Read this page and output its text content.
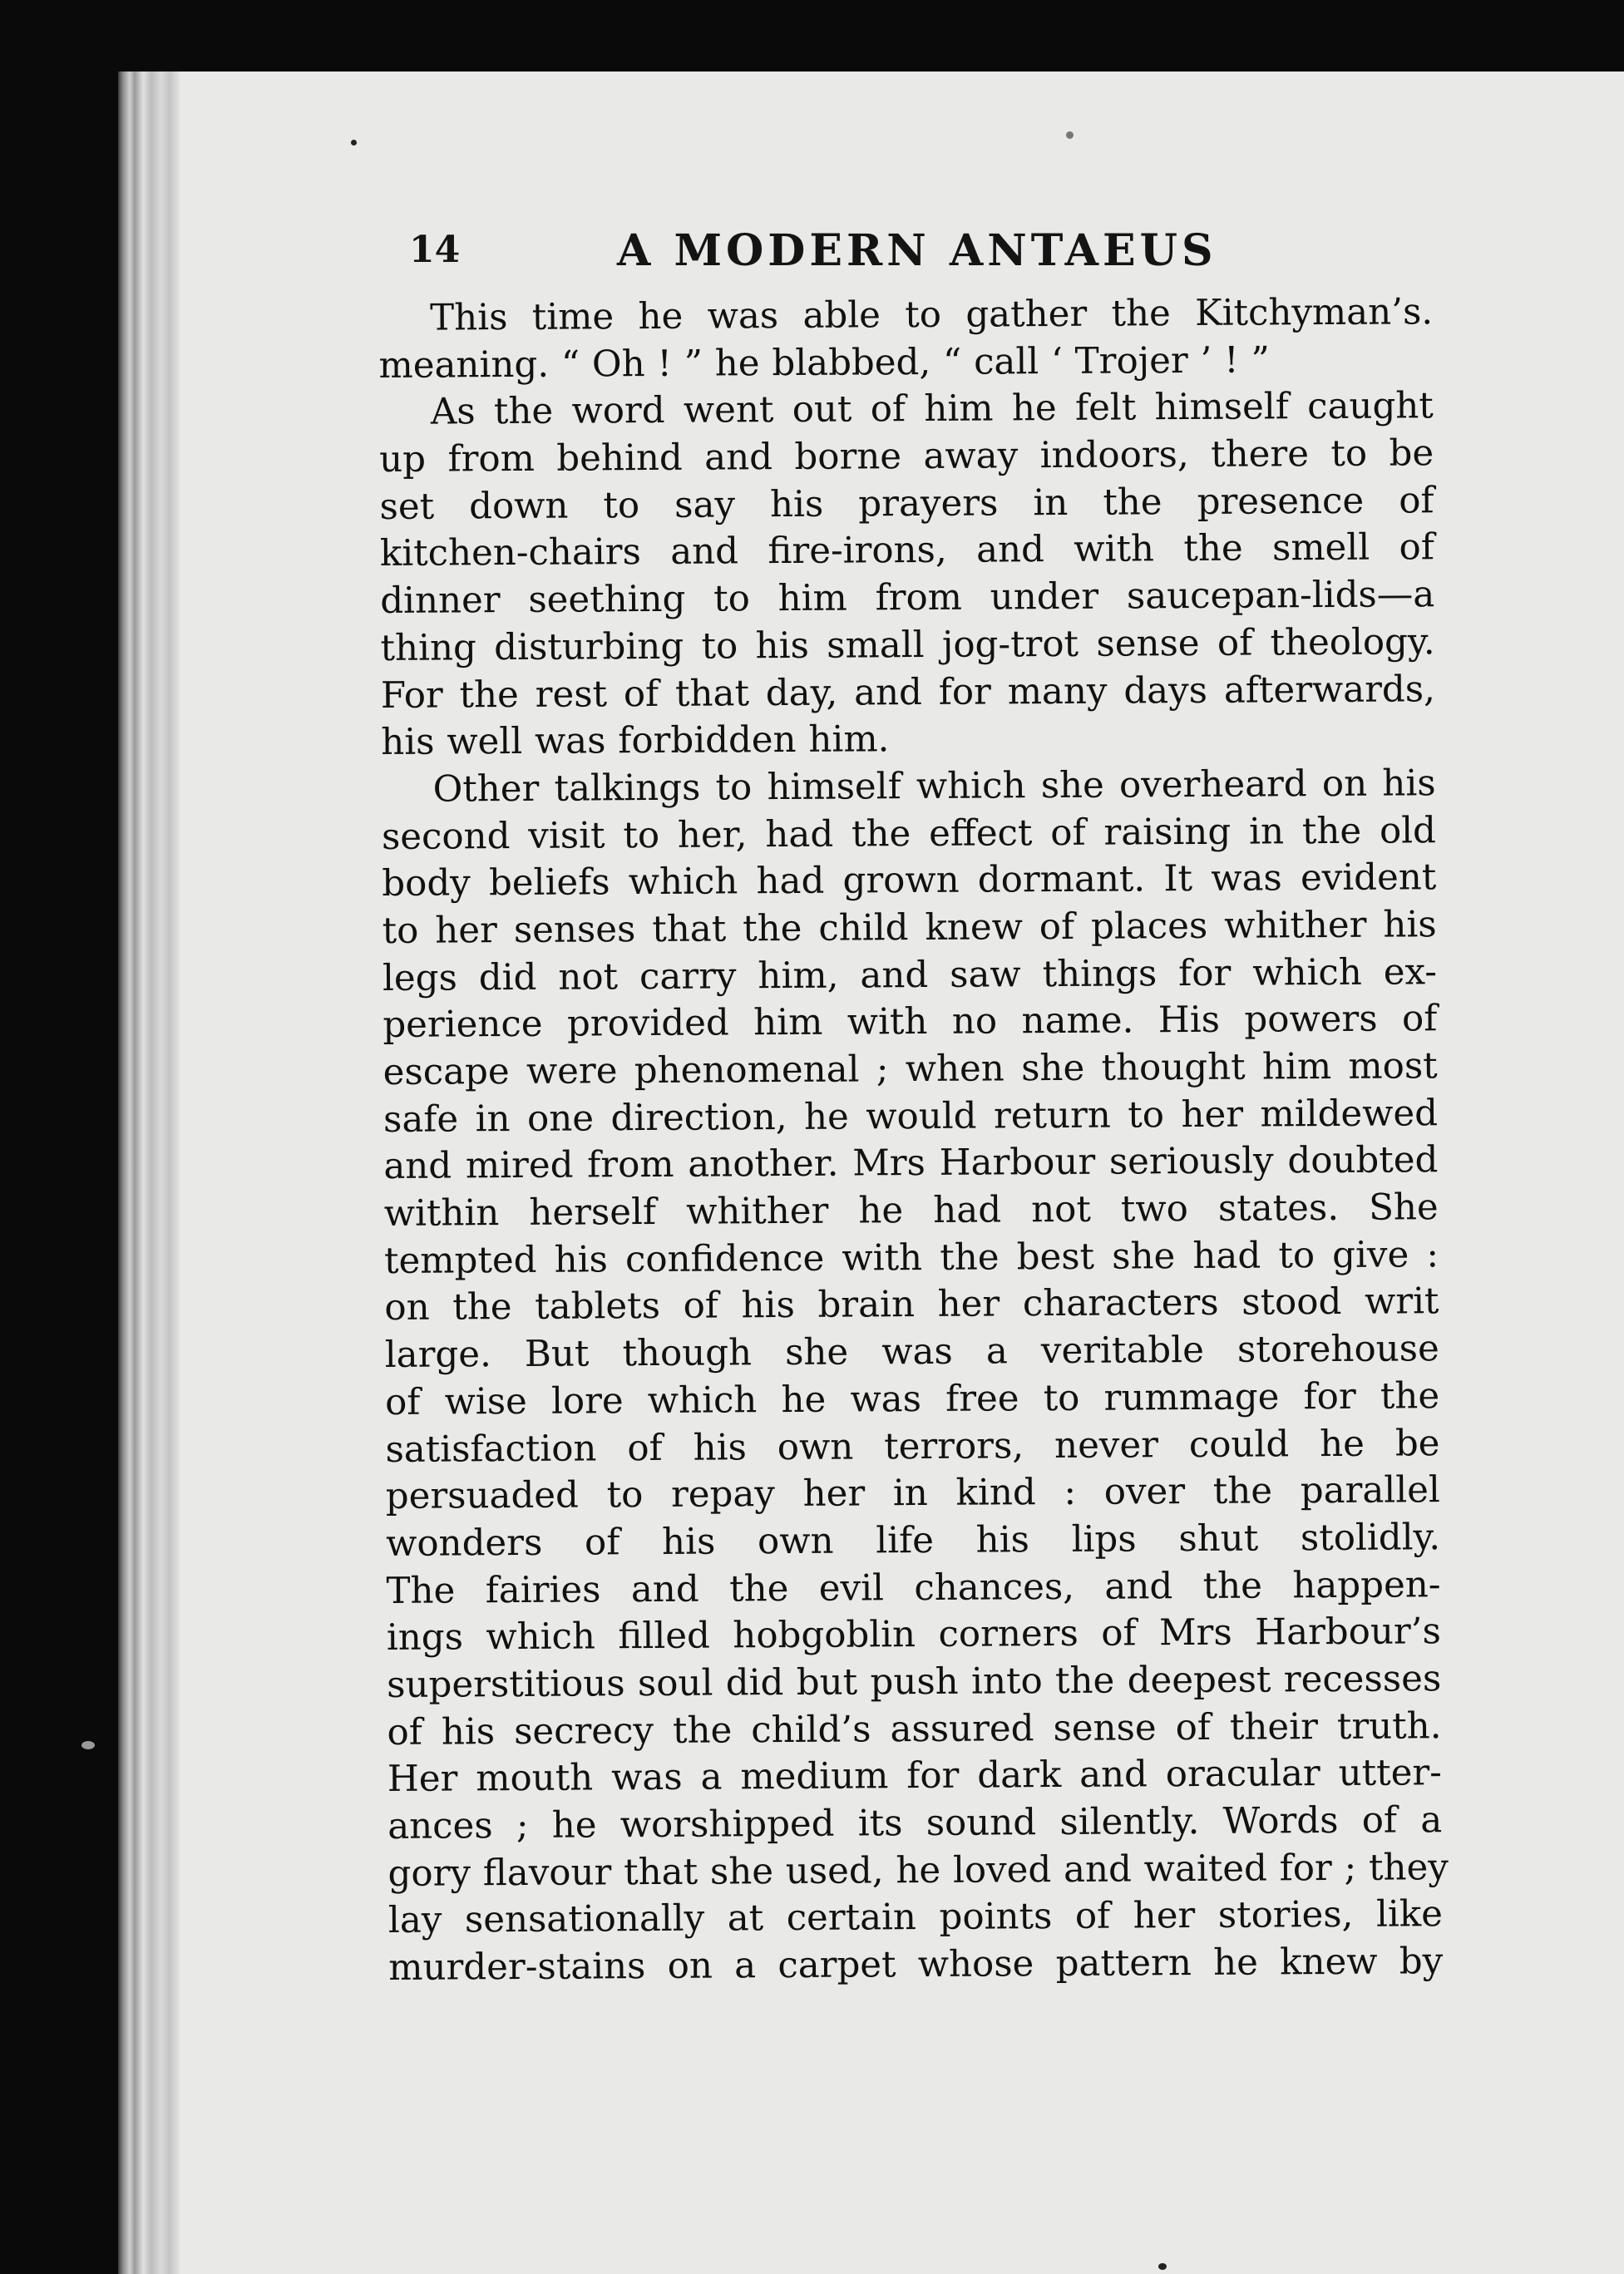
14	A MODERN ANTAEUS
This time he was able to gather the Kitchyman’s.
meaning. “ Oh ! ” he blabbed, “ call ‘ Trojer ’ ! ”
As the word went out of him he felt himself caught
up from behind and borne away indoors, there to be
set down to say his prayers in the presence of
kitchen-chairs and fire-irons, and with the smell of
dinner seething to him from under saucepan-lids—a
thing disturbing to his small jog-trot sense of theology.
For the rest of that day, and for many days afterwards,
his well was forbidden him.
Other talkings to himself which she overheard on his
second visit to her, had the effect of raising in the old
body beliefs which had grown dormant. It was evident
to her senses that the child knew of places whither his
legs did not carry him, and saw things for which ex-
perience provided him with no name. His powers of
escape were phenomenal ; when she thought him most
safe in one direction, he would return to her mildewed
and mired from another. Mrs Harbour seriously doubted
within herself whither he had not two states. She
tempted his confidence with the best she had to give :
on the tablets of his brain her characters stood writ
large. But though she was a veritable storehouse
of wise lore which he was free to rummage for the
satisfaction of his own terrors, never could he be
persuaded to repay her in kind : over the parallel
wonders of his own life his lips shut stolidly.
The fairies and the evil chances, and the happen-
ings which filled hobgoblin corners of Mrs Harbour’s
superstitious soul did but push into the deepest recesses
of his secrecy the child’s assured sense of their truth.
Her mouth was a medium for dark and oracular utter-
ances ; he worshipped its sound silently. Words of a
gory flavour that she used, he loved and waited for ; they
lay sensationally at certain points of her stories, like
murder-stains on a carpet whose pattern he knew by
